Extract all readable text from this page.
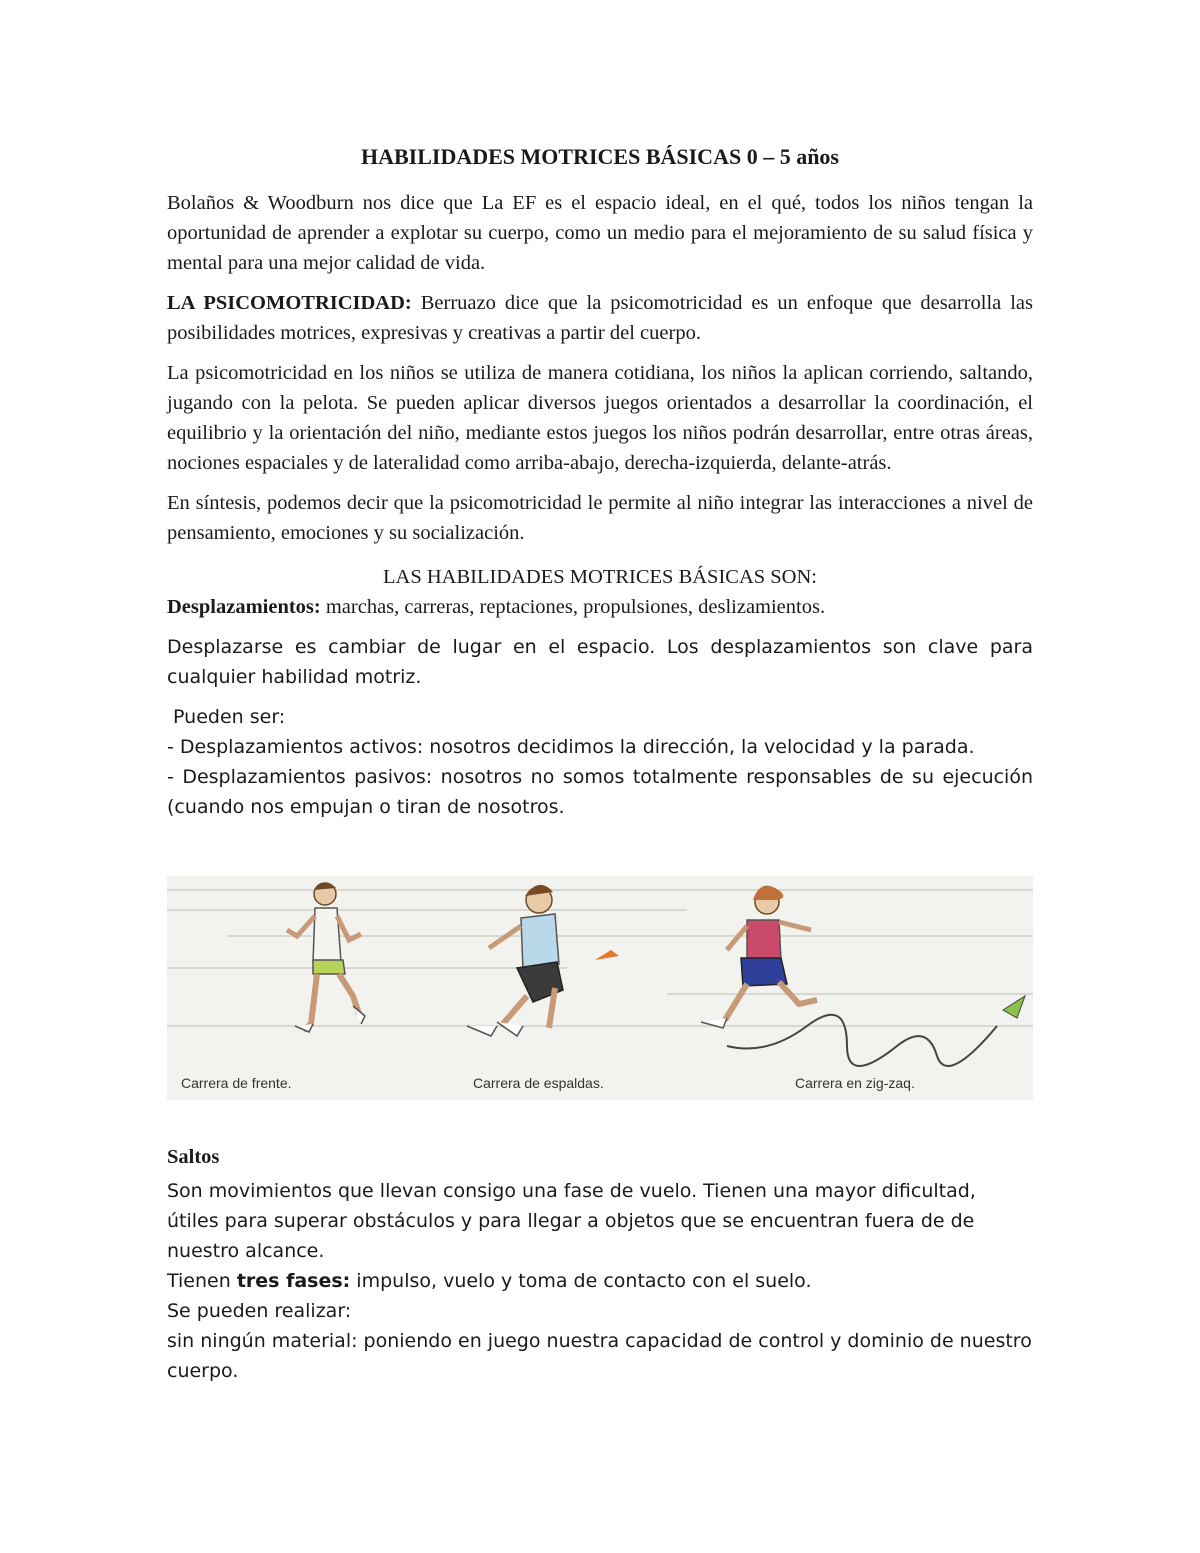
HABILIDADES MOTRICES BÁSICAS 0 – 5 años

Bolaños & Woodburn nos dice que La EF es el espacio ideal, en el qué, todos los niños tengan la oportunidad de aprender a explotar su cuerpo, como un medio para el mejoramiento de su salud física y mental para una mejor calidad de vida.

LA PSICOMOTRICIDAD: Berruazo dice que la psicomotricidad es un enfoque que desarrolla las posibilidades motrices, expresivas y creativas a partir del cuerpo.

La psicomotricidad en los niños se utiliza de manera cotidiana, los niños la aplican corriendo, saltando, jugando con la pelota. Se pueden aplicar diversos juegos orientados a desarrollar la coordinación, el equilibrio y la orientación del niño, mediante estos juegos los niños podrán desarrollar, entre otras áreas, nociones espaciales y de lateralidad como arriba-abajo, derecha-izquierda, delante-atrás.

En síntesis, podemos decir que la psicomotricidad le permite al niño integrar las interacciones a nivel de pensamiento, emociones y su socialización.

LAS HABILIDADES MOTRICES BÁSICAS SON:

Desplazamientos: marchas, carreras, reptaciones, propulsiones, deslizamientos.

Desplazarse es cambiar de lugar en el espacio. Los desplazamientos son clave para cualquier habilidad motriz.

Pueden ser:

- Desplazamientos activos: nosotros decidimos la dirección, la velocidad y la parada.

- Desplazamientos pasivos: nosotros no somos totalmente responsables de su ejecución (cuando nos empujan o tiran de nosotros.

Carrera de frente.	Carrera de espaldas.	Carrera en zig-zaq.

Saltos

Son movimientos que llevan consigo una fase de vuelo. Tienen una mayor dificultad, útiles para superar obstáculos y para llegar a objetos que se encuentran fuera de de nuestro alcance.

Tienen tres fases: impulso, vuelo y toma de contacto con el suelo.

Se pueden realizar:

sin ningún material: poniendo en juego nuestra capacidad de control y dominio de nuestro cuerpo.
